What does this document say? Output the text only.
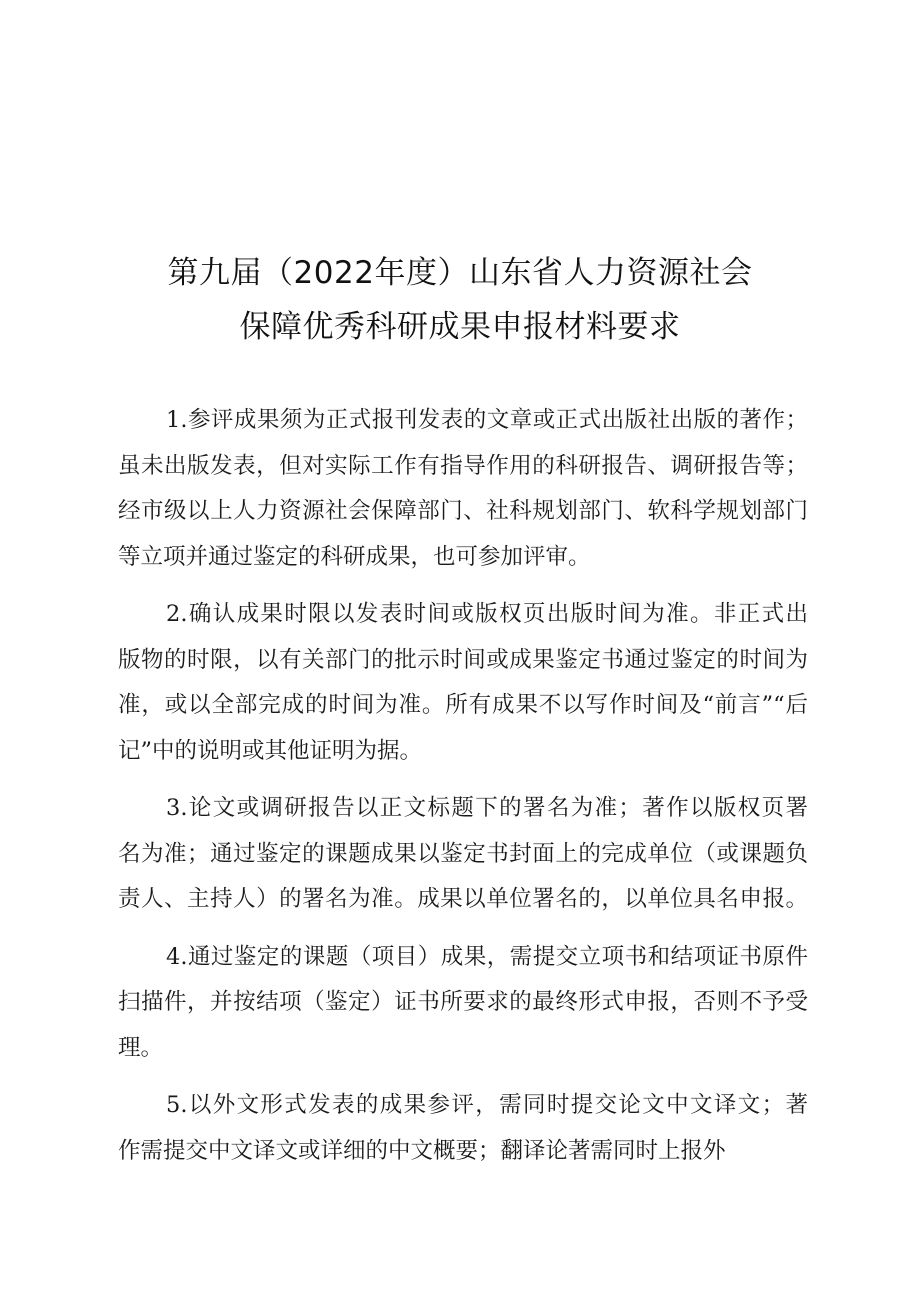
第九届（2022年度）山东省人力资源社会
保障优秀科研成果申报材料要求
1.参评成果须为正式报刊发表的文章或正式出版社出版的著作；
虽未出版发表，但对实际工作有指导作用的科研报告、调研报告等；
经市级以上人力资源社会保障部门、社科规划部门、软科学规划部门
等立项并通过鉴定的科研成果，也可参加评审。
2.确认成果时限以发表时间或版权页出版时间为准。非正式出
版物的时限，以有关部门的批示时间或成果鉴定书通过鉴定的时间为
准，或以全部完成的时间为准。所有成果不以写作时间及“前言”“后
记”中的说明或其他证明为据。
3.论文或调研报告以正文标题下的署名为准；著作以版权页署
名为准；通过鉴定的课题成果以鉴定书封面上的完成单位（或课题负
责人、主持人）的署名为准。成果以单位署名的，以单位具名申报。
4.通过鉴定的课题（项目）成果，需提交立项书和结项证书原件
扫描件，并按结项（鉴定）证书所要求的最终形式申报，否则不予受
理。
5.以外文形式发表的成果参评，需同时提交论文中文译文；著
作需提交中文译文或详细的中文概要；翻译论著需同时上报外
